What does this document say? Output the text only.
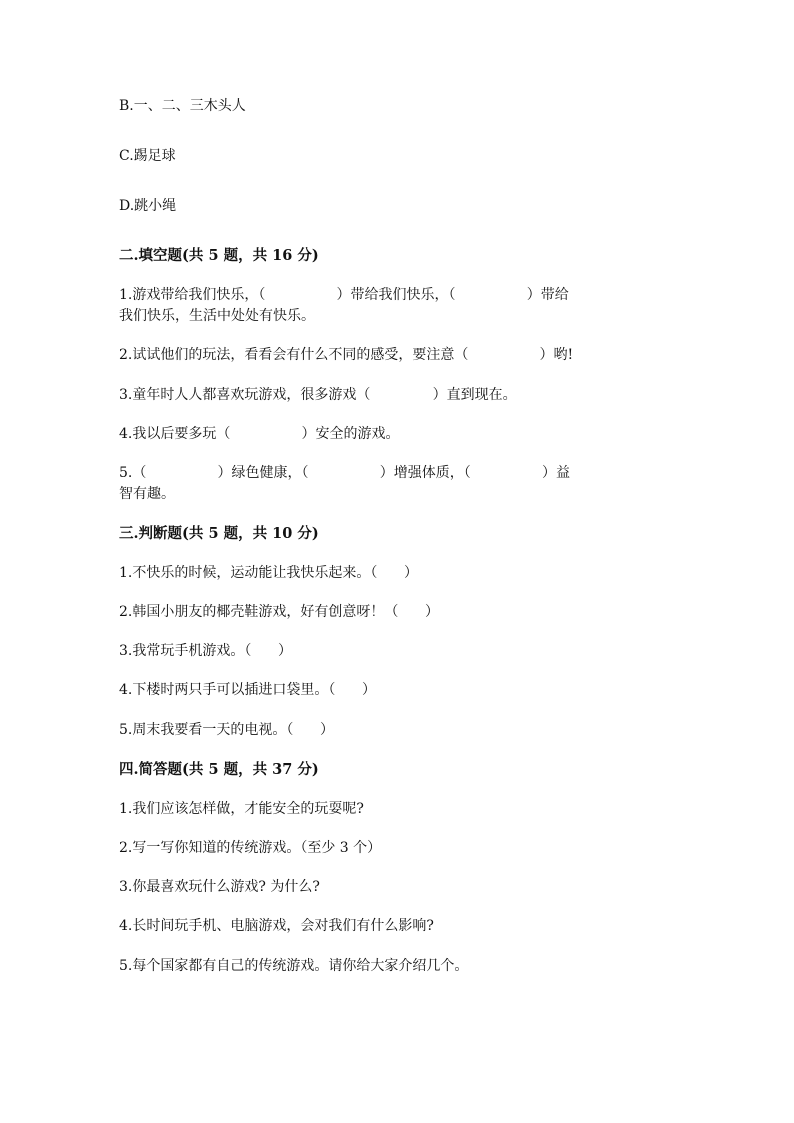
B.一、二、三木头人
C.踢足球
D.跳小绳
二.填空题(共 5 题，共 16 分)
1.游戏带给我们快乐，（                ）带给我们快乐，（                ）带给
我们快乐，生活中处处有快乐。
2.试试他们的玩法，看看会有什么不同的感受，要注意（                ）哟!
3.童年时人人都喜欢玩游戏，很多游戏（              ）直到现在。
4.我以后要多玩（                ）安全的游戏。
5.（                ）绿色健康，（                ）增强体质，（                ）益
智有趣。
三.判断题(共 5 题，共 10 分)
1.不快乐的时候，运动能让我快乐起来。（      ）
2.韩国小朋友的椰壳鞋游戏，好有创意呀！（      ）
3.我常玩手机游戏。（      ）
4.下楼时两只手可以插进口袋里。（      ）
5.周末我要看一天的电视。（      ）
四.简答题(共 5 题，共 37 分)
1.我们应该怎样做，才能安全的玩耍呢?
2.写一写你知道的传统游戏。（至少 3 个）
3.你最喜欢玩什么游戏? 为什么?
4.长时间玩手机、电脑游戏，会对我们有什么影响?
5.每个国家都有自己的传统游戏。请你给大家介绍几个。
